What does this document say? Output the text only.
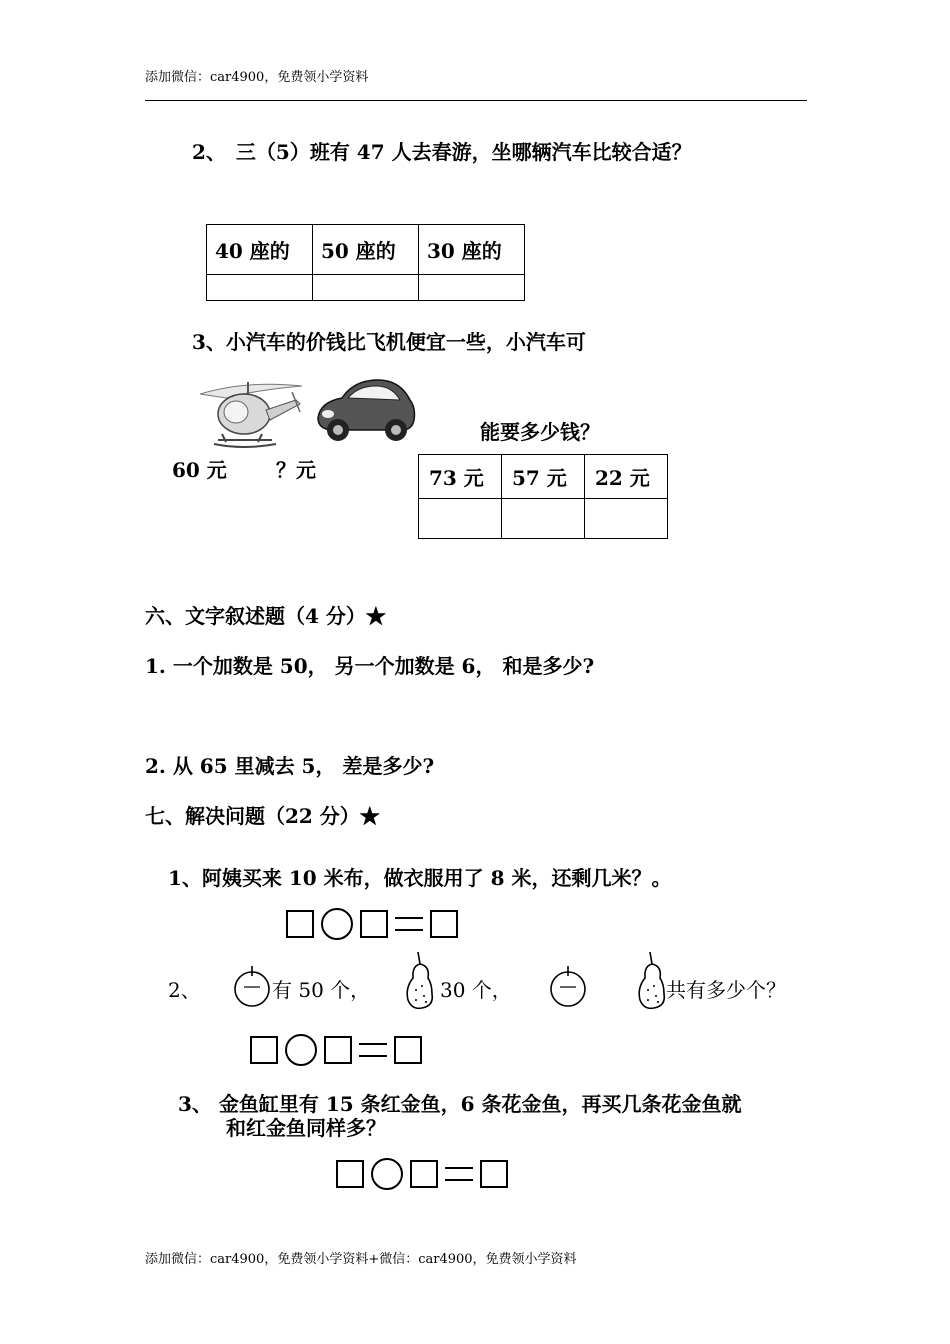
添加微信：car4900，免费领小学资料
2、　三（5）班有 47 人去春游，坐哪辆汽车比较合适？
40 座的	50 座的	30 座的

3、小汽车的价钱比飞机便宜一些，小汽车可
60 元 ？元
能要多少钱？
73 元	57 元	22 元

六、文字叙述题（4 分）★
1. 一个加数是 50， 另一个加数是 6， 和是多少?
2. 从 65 里减去 5， 差是多少?
七、解决问题（22 分）★
1、阿姨买来 10 米布，做衣服用了 8 米，还剩几米？。
2、	有 50 个，	30 个，	共有多少个？
3、 金鱼缸里有 15 条红金鱼，6 条花金鱼，再买几条花金鱼就
和红金鱼同样多？
添加微信：car4900，免费领小学资料+微信：car4900，免费领小学资料
